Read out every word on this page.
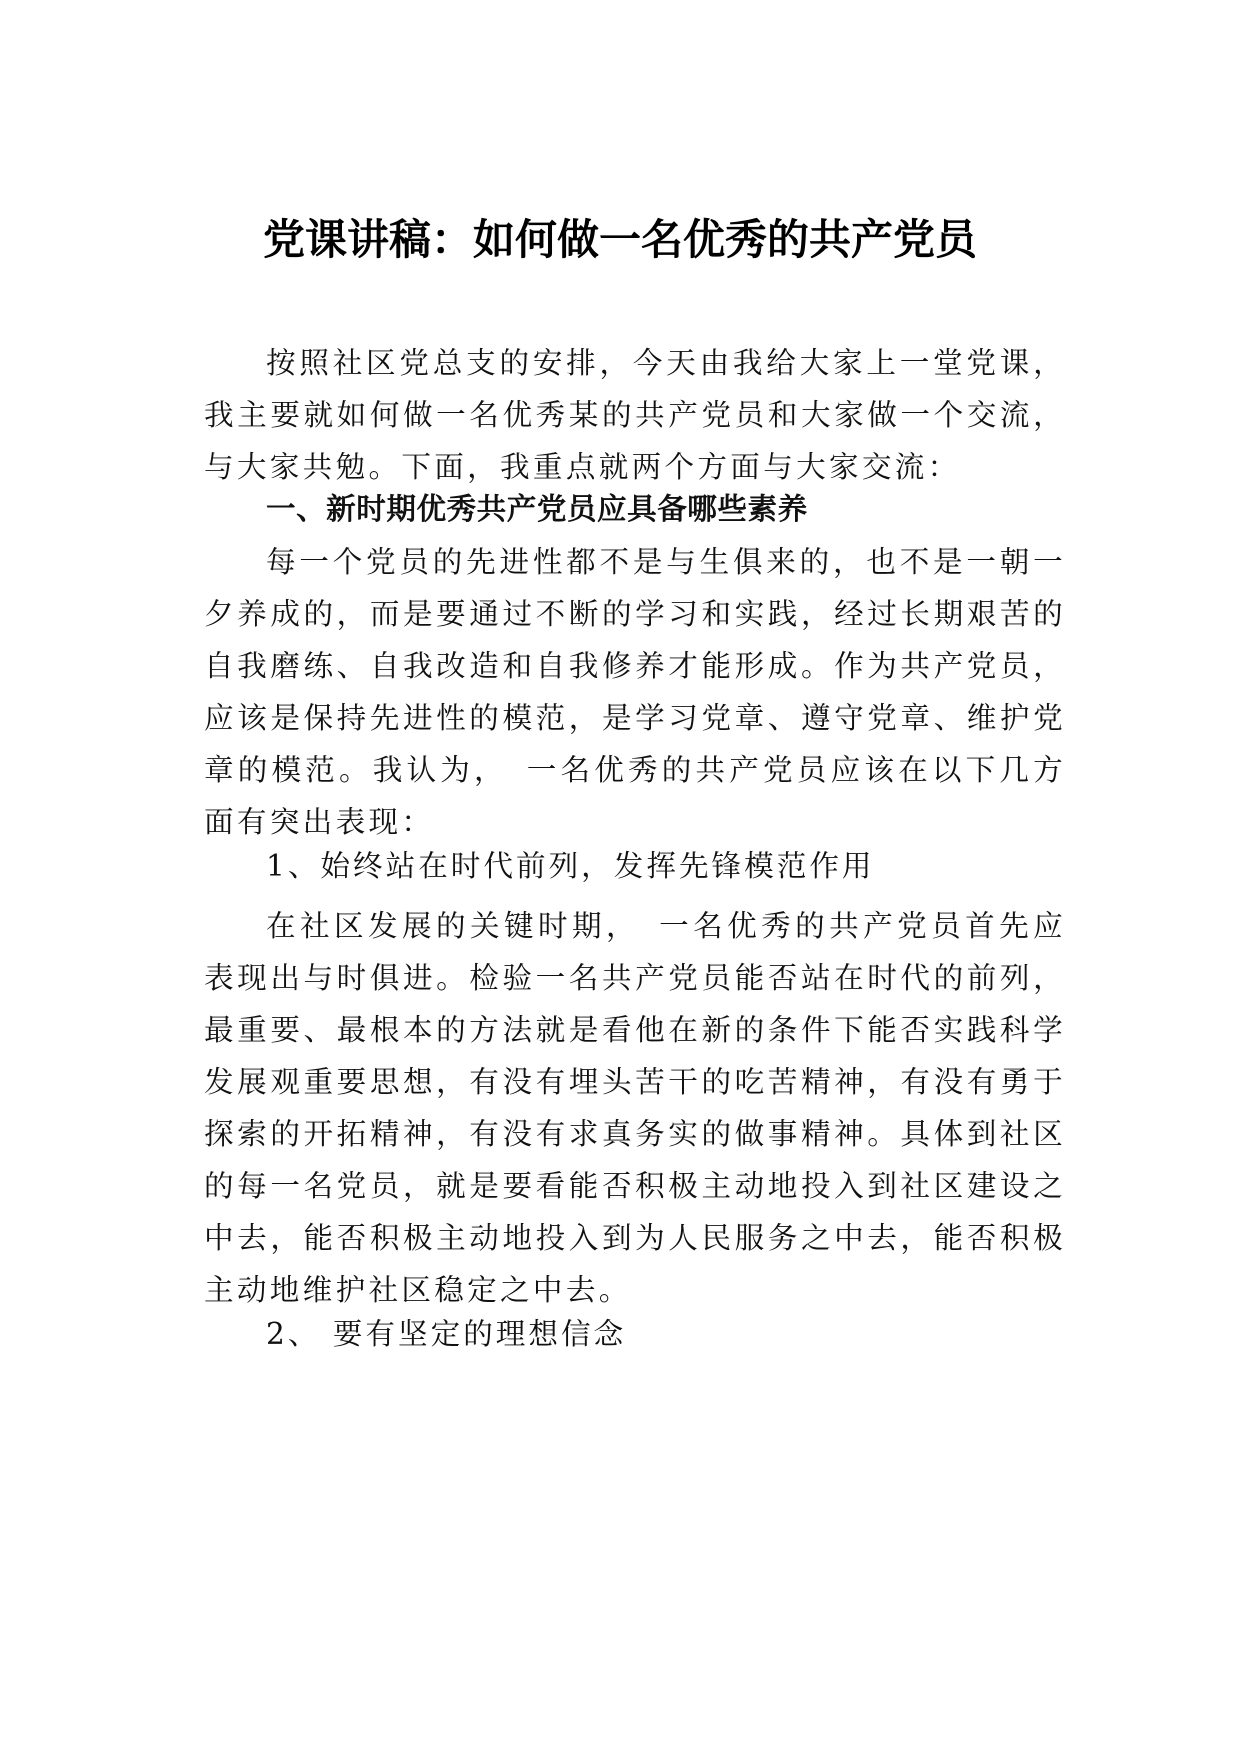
党课讲稿：如何做一名优秀的共产党员

按照社区党总支的安排，今天由我给大家上一堂党课，我主要就如何做一名优秀某的共产党员和大家做一个交流，与大家共勉。下面，我重点就两个方面与大家交流：

一、新时期优秀共产党员应具备哪些素养

每一个党员的先进性都不是与生俱来的，也不是一朝一夕养成的，而是要通过不断的学习和实践，经过长期艰苦的自我磨练、自我改造和自我修养才能形成。作为共产党员，应该是保持先进性的模范，是学习党章、遵守党章、维护党章的模范。我认为，　一名优秀的共产党员应该在以下几方面有突出表现：

1、始终站在时代前列，发挥先锋模范作用

在社区发展的关键时期，　一名优秀的共产党员首先应表现出与时俱进。检验一名共产党员能否站在时代的前列，最重要、最根本的方法就是看他在新的条件下能否实践科学发展观重要思想，有没有埋头苦干的吃苦精神，有没有勇于探索的开拓精神，有没有求真务实的做事精神。具体到社区的每一名党员，就是要看能否积极主动地投入到社区建设之中去，能否积极主动地投入到为人民服务之中去，能否积极主动地维护社区稳定之中去。

2、 要有坚定的理想信念
